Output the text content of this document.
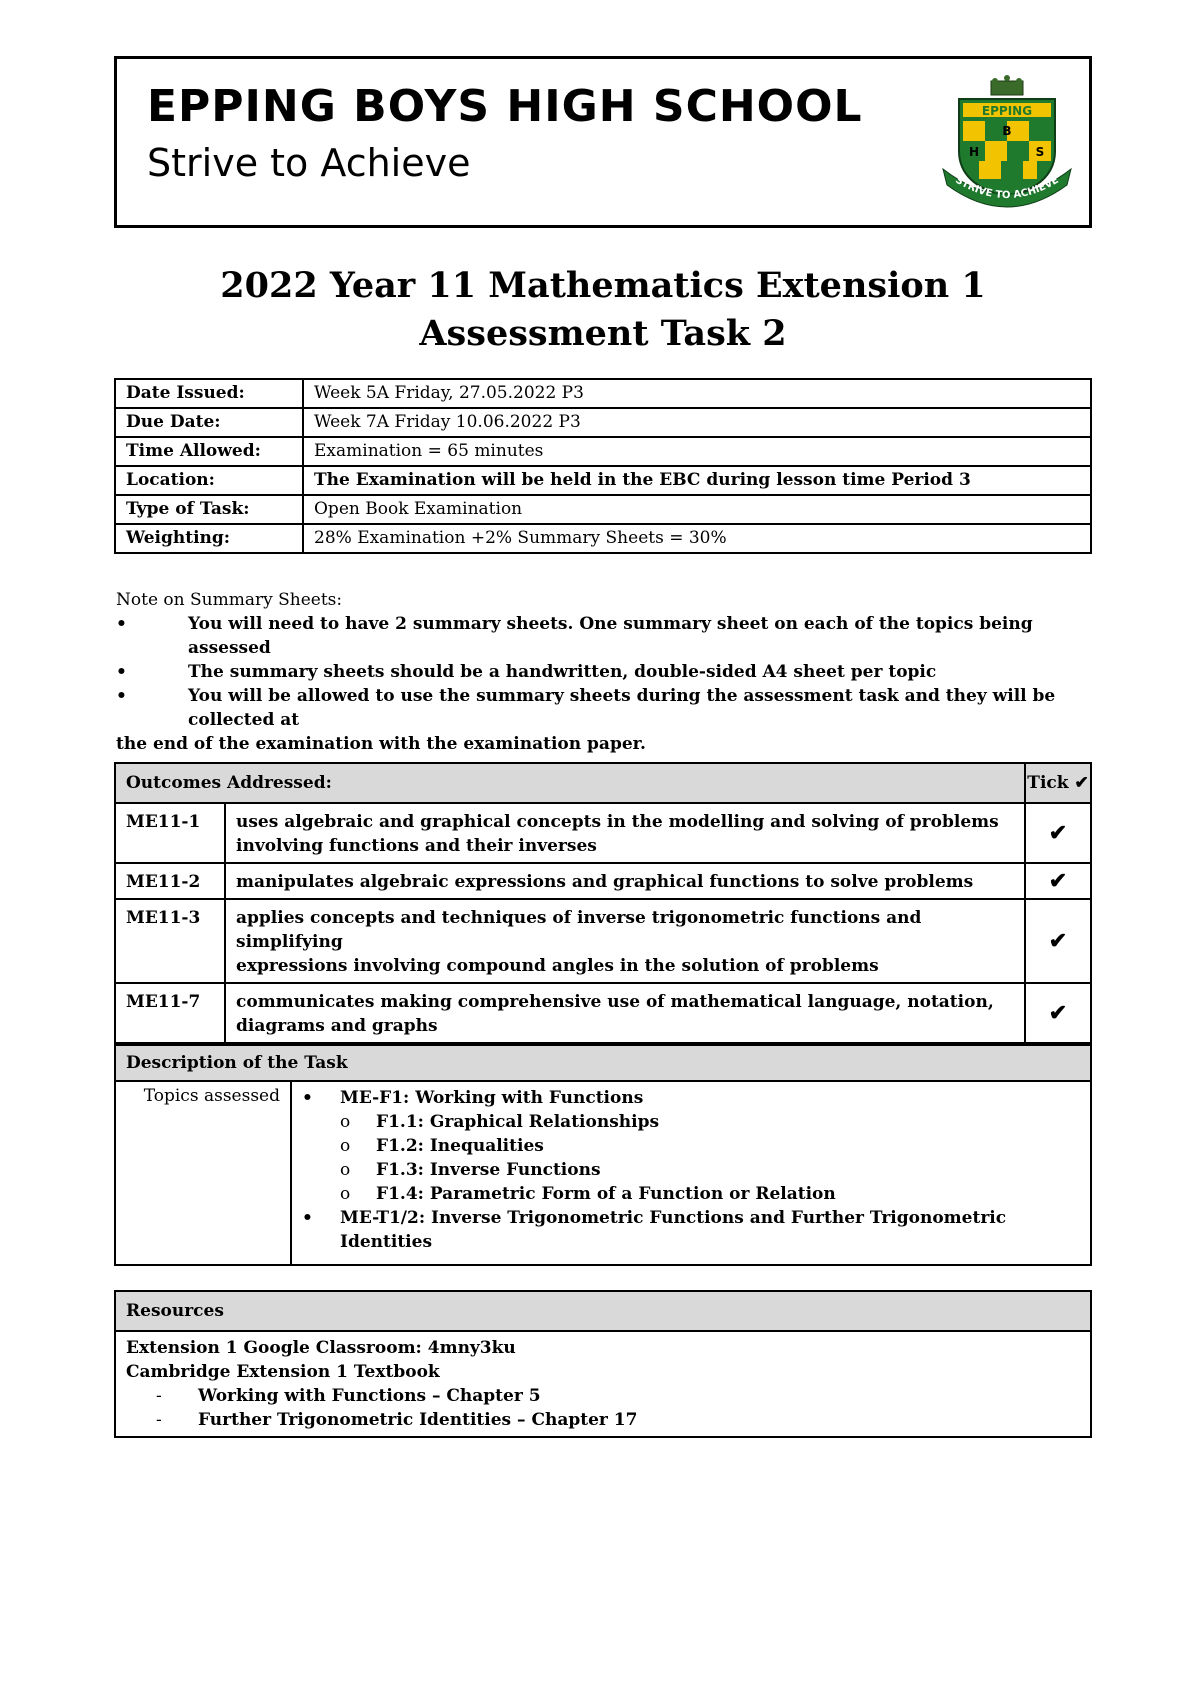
EPPING BOYS HIGH SCHOOL
Strive to Achieve
EPPING
B
H	S
STRIVE TO ACHIEVE
2022 Year 11 Mathematics Extension 1
Assessment Task 2
Date Issued:	Week 5A Friday, 27.05.2022 P3
Due Date:	Week 7A Friday 10.06.2022 P3
Time Allowed:	Examination = 65 minutes
Location:	The Examination will be held in the EBC during lesson time Period 3
Type of Task:	Open Book Examination
Weighting:	28% Examination +2% Summary Sheets = 30%
Note on Summary Sheets:
•	You will need to have 2 summary sheets. One summary sheet on each of the topics being assessed
•	The summary sheets should be a handwritten, double-sided A4 sheet per topic
•	You will be allowed to use the summary sheets during the assessment task and they will be collected at
the end of the examination with the examination paper.
Outcomes Addressed:		Tick ✔
ME11-1	uses algebraic and graphical concepts in the modelling and solving of problems
involving functions and their inverses	✔
ME11-2	manipulates algebraic expressions and graphical functions to solve problems	✔
ME11-3	applies concepts and techniques of inverse trigonometric functions and simplifying
expressions involving compound angles in the solution of problems	✔
ME11-7	communicates making comprehensive use of mathematical language, notation,
diagrams and graphs	✔
Description of the Task
Topics assessed	• ME-F1: Working with Functions
o F1.1: Graphical Relationships
o F1.2: Inequalities
o F1.3: Inverse Functions
o F1.4: Parametric Form of a Function or Relation
• ME-T1/2: Inverse Trigonometric Functions and Further Trigonometric Identities
Resources

Extension 1 Google Classroom: 4mny3ku
Cambridge Extension 1 Textbook
- Working with Functions – Chapter 5
- Further Trigonometric Identities – Chapter 17
